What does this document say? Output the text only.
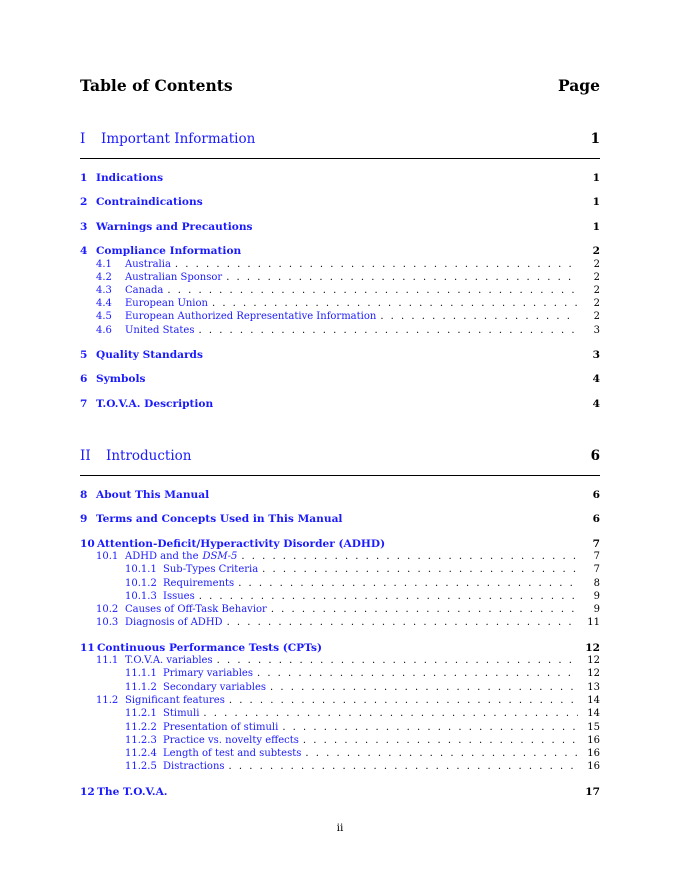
Table of Contents	Page
I	Important Information	1
1 Indications	1
2 Contraindications	1
3 Warnings and Precautions	1
4 Compliance Information	2
4.1	Australia . . .	2
4.2	Australian Sponsor . . .	2
4.3	Canada . . .	2
4.4	European Union . . .	2
4.5	European Authorized Representative Information . . .	2
4.6	United States . . .	3
5 Quality Standards	3
6 Symbols	4
7 T.O.V.A. Description	4
II	Introduction	6
8 About This Manual	6
9 Terms and Concepts Used in This Manual	6
10 Attention-Deficit/Hyperactivity Disorder (ADHD)	7
10.1 ADHD and the DSM-5 . . .	7
10.1.1 Sub-Types Criteria . . .	7
10.1.2 Requirements . . .	8
10.1.3 Issues . . .	9
10.2 Causes of Off-Task Behavior . . .	9
10.3 Diagnosis of ADHD . . .	11
11 Continuous Performance Tests (CPTs)	12
11.1 T.O.V.A. variables . . .	12
11.1.1 Primary variables . . .	12
11.1.2 Secondary variables . . .	13
11.2 Significant features . . .	14
11.2.1 Stimuli . . .	14
11.2.2 Presentation of stimuli . . .	15
11.2.3 Practice vs. novelty effects . . .	16
11.2.4 Length of test and subtests . . .	16
11.2.5 Distractions . . .	16
12 The T.O.V.A.	17
ii
